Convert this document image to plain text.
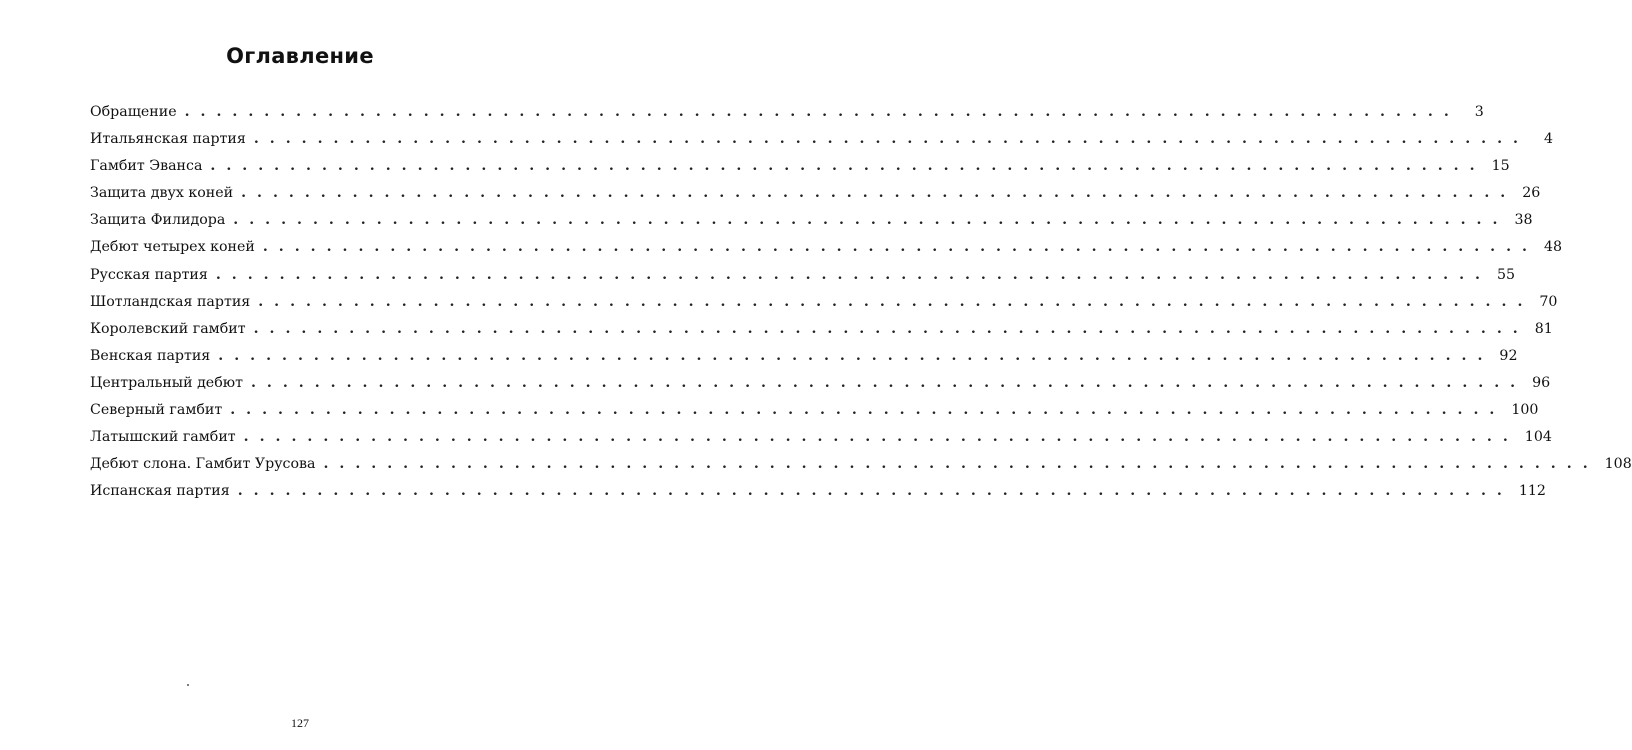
Оглавление
Обращение ................................................................................	3
Итальянская партия ................................................................................	4
Гамбит Эванса ................................................................................ 15
Защита двух коней ................................................................................ 26
Защита Филидора ................................................................................ 38
Дебют четырех коней ................................................................................ 48
Русская партия ................................................................................ 55
Шотландская партия ................................................................................ 70
Королевский гамбит ................................................................................ 81
Венская партия ................................................................................ 92
Центральный дебют ................................................................................ 96
Северный гамбит ................................................................................ 100
Латышский гамбит ................................................................................ 104
Дебют слона. Гамбит Урусова ................................................................................ 108
Испанская партия ................................................................................ 112
127
